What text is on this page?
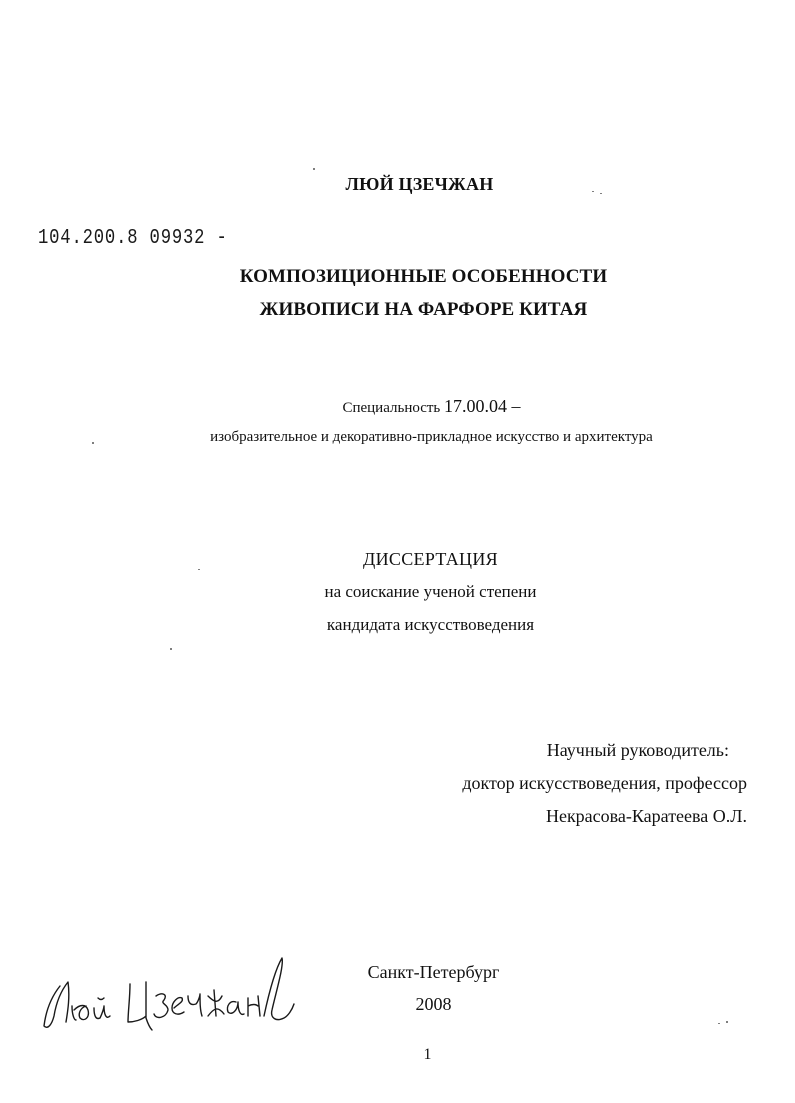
ЛЮЙ ЦЗЕЧЖАН
104.200.8 09932 -
КОМПОЗИЦИОННЫЕ ОСОБЕННОСТИ
ЖИВОПИСИ НА ФАРФОРЕ КИТАЯ
Специальность 17.00.04 –
изобразительное и декоративно-прикладное искусство и архитектура
ДИССЕРТАЦИЯ
на соискание ученой степени
кандидата искусствоведения
Научный руководитель:
доктор искусствоведения, профессор
Некрасова-Каратеева О.Л.
Санкт-Петербург
2008
1
